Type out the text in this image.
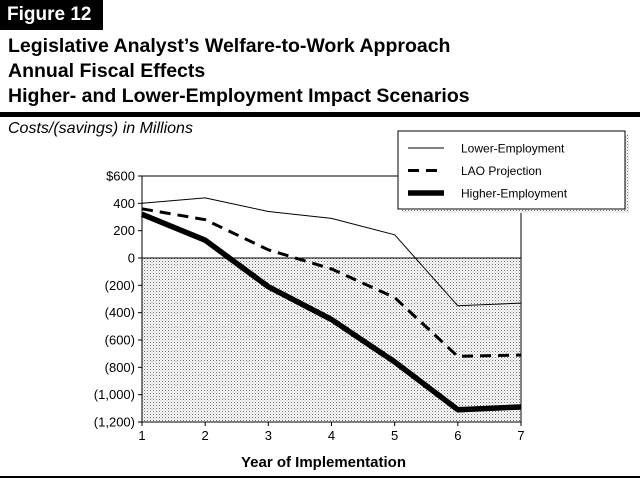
Figure 12
Legislative Analyst’s Welfare-to-Work Approach
Annual Fiscal Effects
Higher- and Lower-Employment Impact Scenarios
Costs/(savings) in Millions
$600
400
200
0
(200)
(400)
(600)
(800)
(1,000)
(1,200)
1	2	3	4	5	6	7
Year of Implementation
Lower-Employment
LAO Projection
Higher-Employment
